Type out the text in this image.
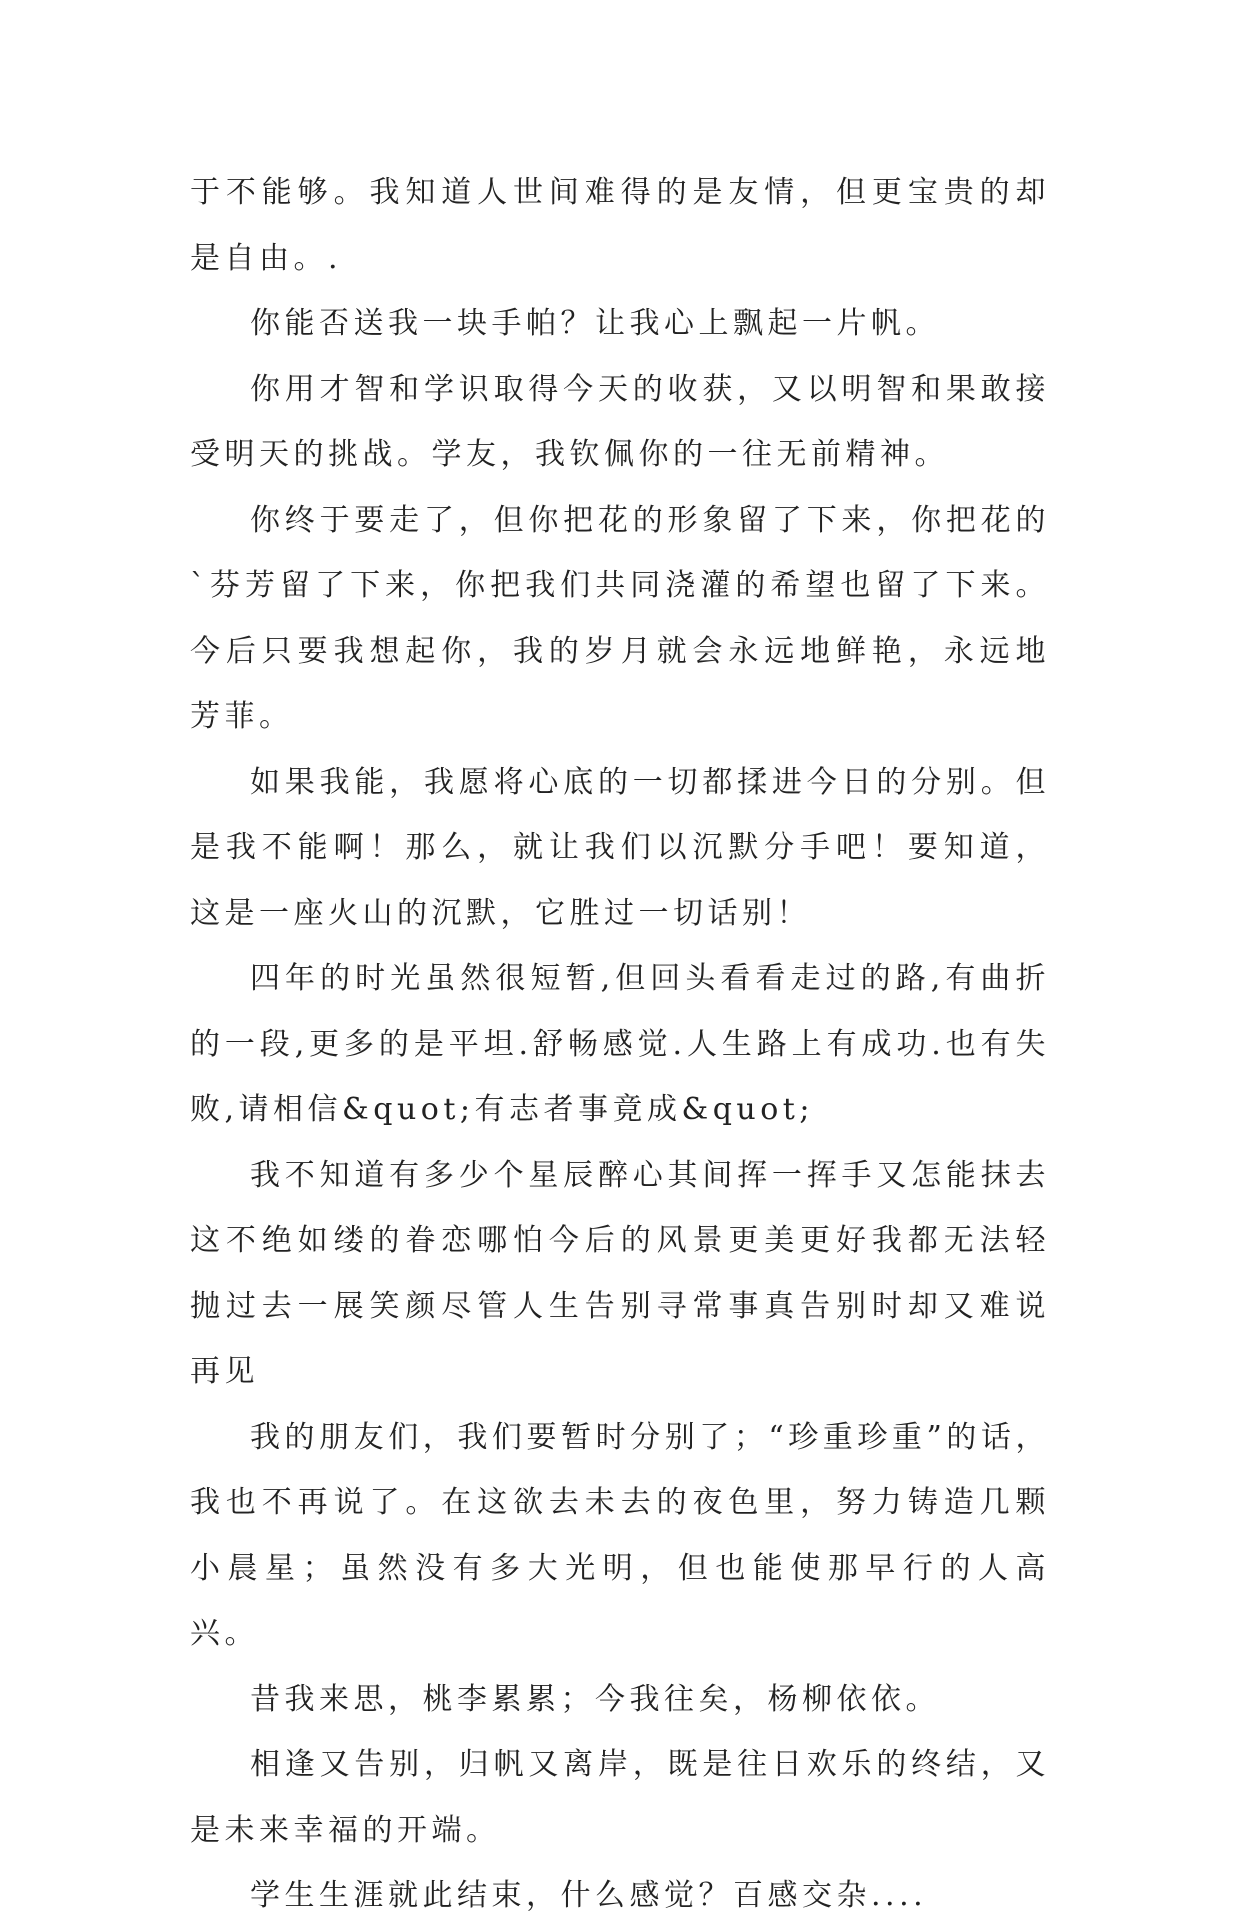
于不能够。我知道人世间难得的是友情，但更宝贵的却是自由。.

你能否送我一块手帕？让我心上飘起一片帆。

你用才智和学识取得今天的收获，又以明智和果敢接受明天的挑战。学友，我钦佩你的一往无前精神。

你终于要走了，但你把花的形象留了下来，你把花的`芬芳留了下来，你把我们共同浇灌的希望也留了下来。今后只要我想起你，我的岁月就会永远地鲜艳，永远地芳菲。

如果我能，我愿将心底的一切都揉进今日的分别。但是我不能啊！那么，就让我们以沉默分手吧！要知道，这是一座火山的沉默，它胜过一切话别！

四年的时光虽然很短暂,但回头看看走过的路,有曲折的一段,更多的是平坦.舒畅感觉.人生路上有成功.也有失败,请相信&quot;有志者事竟成&quot;

我不知道有多少个星辰醉心其间挥一挥手又怎能抹去这不绝如缕的眷恋哪怕今后的风景更美更好我都无法轻抛过去一展笑颜尽管人生告别寻常事真告别时却又难说再见

我的朋友们，我们要暂时分别了；“珍重珍重”的话，我也不再说了。在这欲去未去的夜色里，努力铸造几颗小晨星；虽然没有多大光明，但也能使那早行的人高兴。

昔我来思，桃李累累；今我往矣，杨柳依依。

相逢又告别，归帆又离岸，既是往日欢乐的终结，又是未来幸福的开端。

学生生涯就此结束，什么感觉？百感交杂....
